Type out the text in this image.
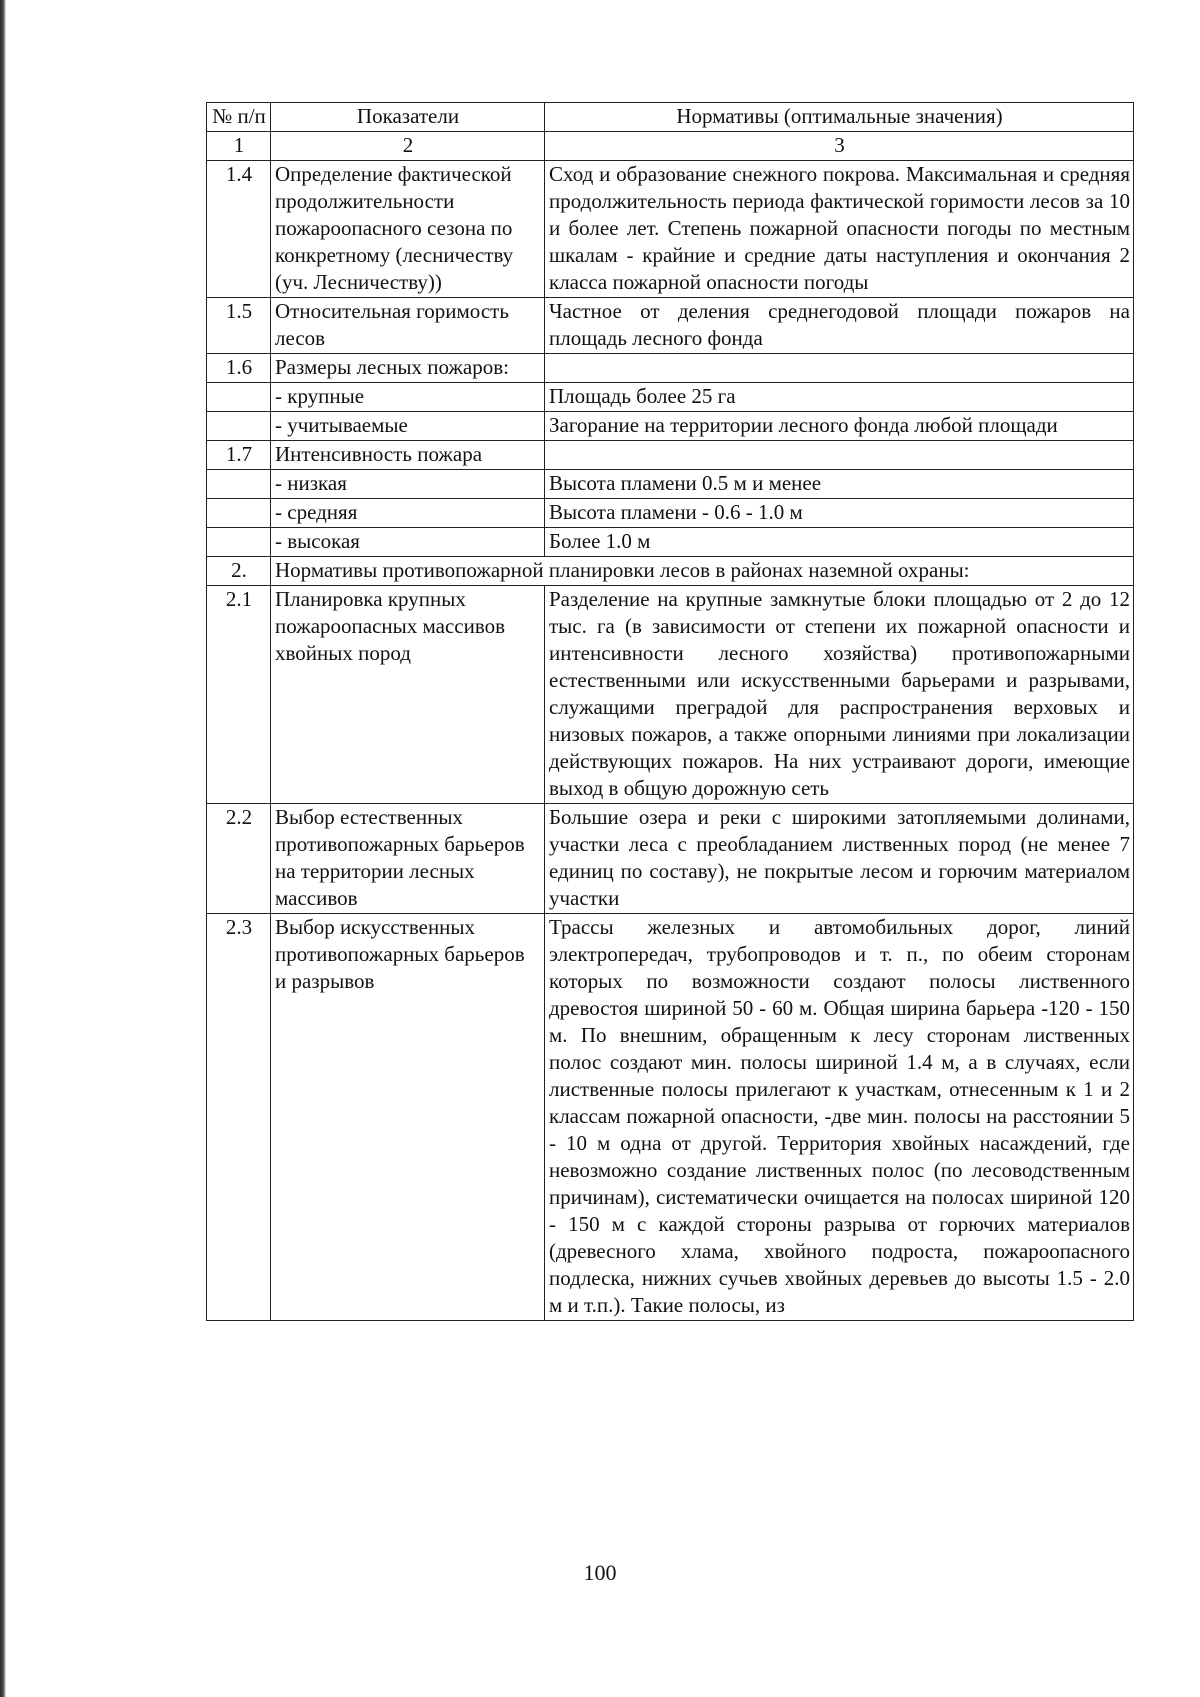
№ п/п	Показатели	Нормативы (оптимальные значения)
1	2	3
1.4	Определение фактической продолжительности пожароопасного сезона по конкретному (лесничеству (уч. Лесничеству))	Сход и образование снежного покрова. Максимальная и средняя продолжительность периода фактической горимости лесов за 10 и более лет. Степень пожарной опасности погоды по местным шкалам - крайние и средние даты наступления и окончания 2 класса пожарной опасности погоды
1.5	Относительная горимость лесов	Частное от деления среднегодовой площади пожаров на площадь лесного фонда
1.6	Размеры лесных пожаров:	
	- крупные	Площадь более 25 га
	- учитываемые	Загорание на территории лесного фонда любой площади
1.7	Интенсивность пожара	
	- низкая	Высота пламени 0.5 м и менее
	- средняя	Высота пламени - 0.6 - 1.0 м
	- высокая	Более 1.0 м
2.	Нормативы противопожарной планировки лесов в районах наземной охраны:	
2.1	Планировка крупных пожароопасных массивов хвойных пород	Разделение на крупные замкнутые блоки площадью от 2 до 12 тыс. га (в зависимости от степени их пожарной опасности и интенсивности лесного хозяйства) противопожарными естественными или искусственными барьерами и разрывами, служащими преградой для распространения верховых и низовых пожаров, а также опорными линиями при локализации действующих пожаров. На них устраивают дороги, имеющие выход в общую дорожную сеть
2.2	Выбор естественных противопожарных барьеров на территории лесных массивов	Большие озера и реки с широкими затопляемыми долинами, участки леса с преобладанием лиственных пород (не менее 7 единиц по составу), не покрытые лесом и горючим материалом участки
2.3	Выбор искусственных противопожарных барьеров и разрывов	Трассы железных и автомобильных дорог, линий электропередач, трубопроводов и т. п., по обеим сторонам которых по возможности создают полосы лиственного древостоя шириной 50 - 60 м. Общая ширина барьера -120 - 150 м. По внешним, обращенным к лесу сторонам лиственных полос создают мин. полосы шириной 1.4 м, а в случаях, если лиственные полосы прилегают к участкам, отнесенным к 1 и 2 классам пожарной опасности, -две мин. полосы на расстоянии 5 - 10 м одна от другой. Территория хвойных насаждений, где невозможно создание лиственных полос (по лесоводственным причинам), систематически очищается на полосах шириной 120 - 150 м с каждой стороны разрыва от горючих материалов (древесного хлама, хвойного подроста, пожароопасного подлеска, нижних сучьев хвойных деревьев до высоты 1.5 - 2.0 м и т.п.). Такие полосы, из
100
